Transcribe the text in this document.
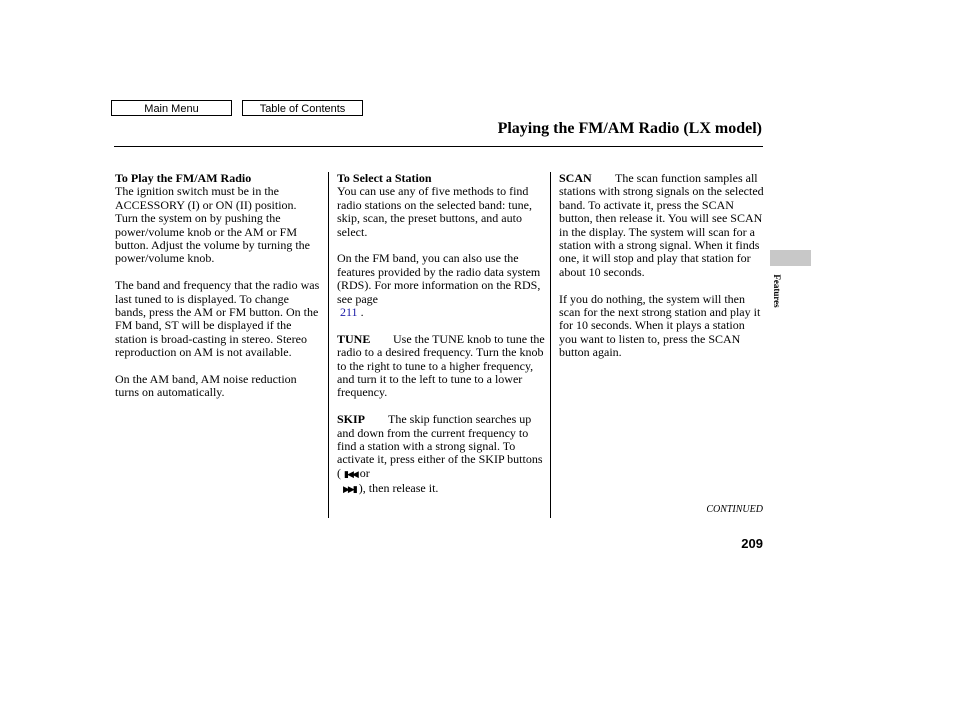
Main Menu	Table of Contents
Playing the FM/AM Radio (LX model)

To Play the FM/AM Radio

The ignition switch must be in the ACCESSORY (I) or ON (II) position. Turn the system on by pushing the power/volume knob or the AM or FM button. Adjust the volume by turning the power/volume knob.

The band and frequency that the radio was last tuned to is displayed. To change bands, press the AM or FM button. On the FM band, ST will be displayed if the station is broad-casting in stereo. Stereo reproduction on AM is not available.

On the AM band, AM noise reduction turns on automatically.

To Select a Station

You can use any of five methods to find radio stations on the selected band: tune, skip, scan, the preset buttons, and auto select.

On the FM band, you can also use the features provided by the radio data system (RDS). For more information on the RDS, see page
211 .

TUNE Use the TUNE knob to tune the radio to a desired frequency. Turn the knob to the right to tune to a higher frequency, and turn it to the left to tune to a lower frequency.

SKIP The skip function searches up and down from the current frequency to find a station with a strong signal. To activate it, press either of the SKIP buttons ( ▮◀◀ or
▶▶▮ ), then release it.

SCAN The scan function samples all stations with strong signals on the selected band. To activate it, press the SCAN button, then release it. You will see SCAN in the display. The system will scan for a station with a strong signal. When it finds one, it will stop and play that station for about 10 seconds.

If you do nothing, the system will then scan for the next strong station and play it for 10 seconds. When it plays a station you want to listen to, press the SCAN button again.

Features
CONTINUED
209
